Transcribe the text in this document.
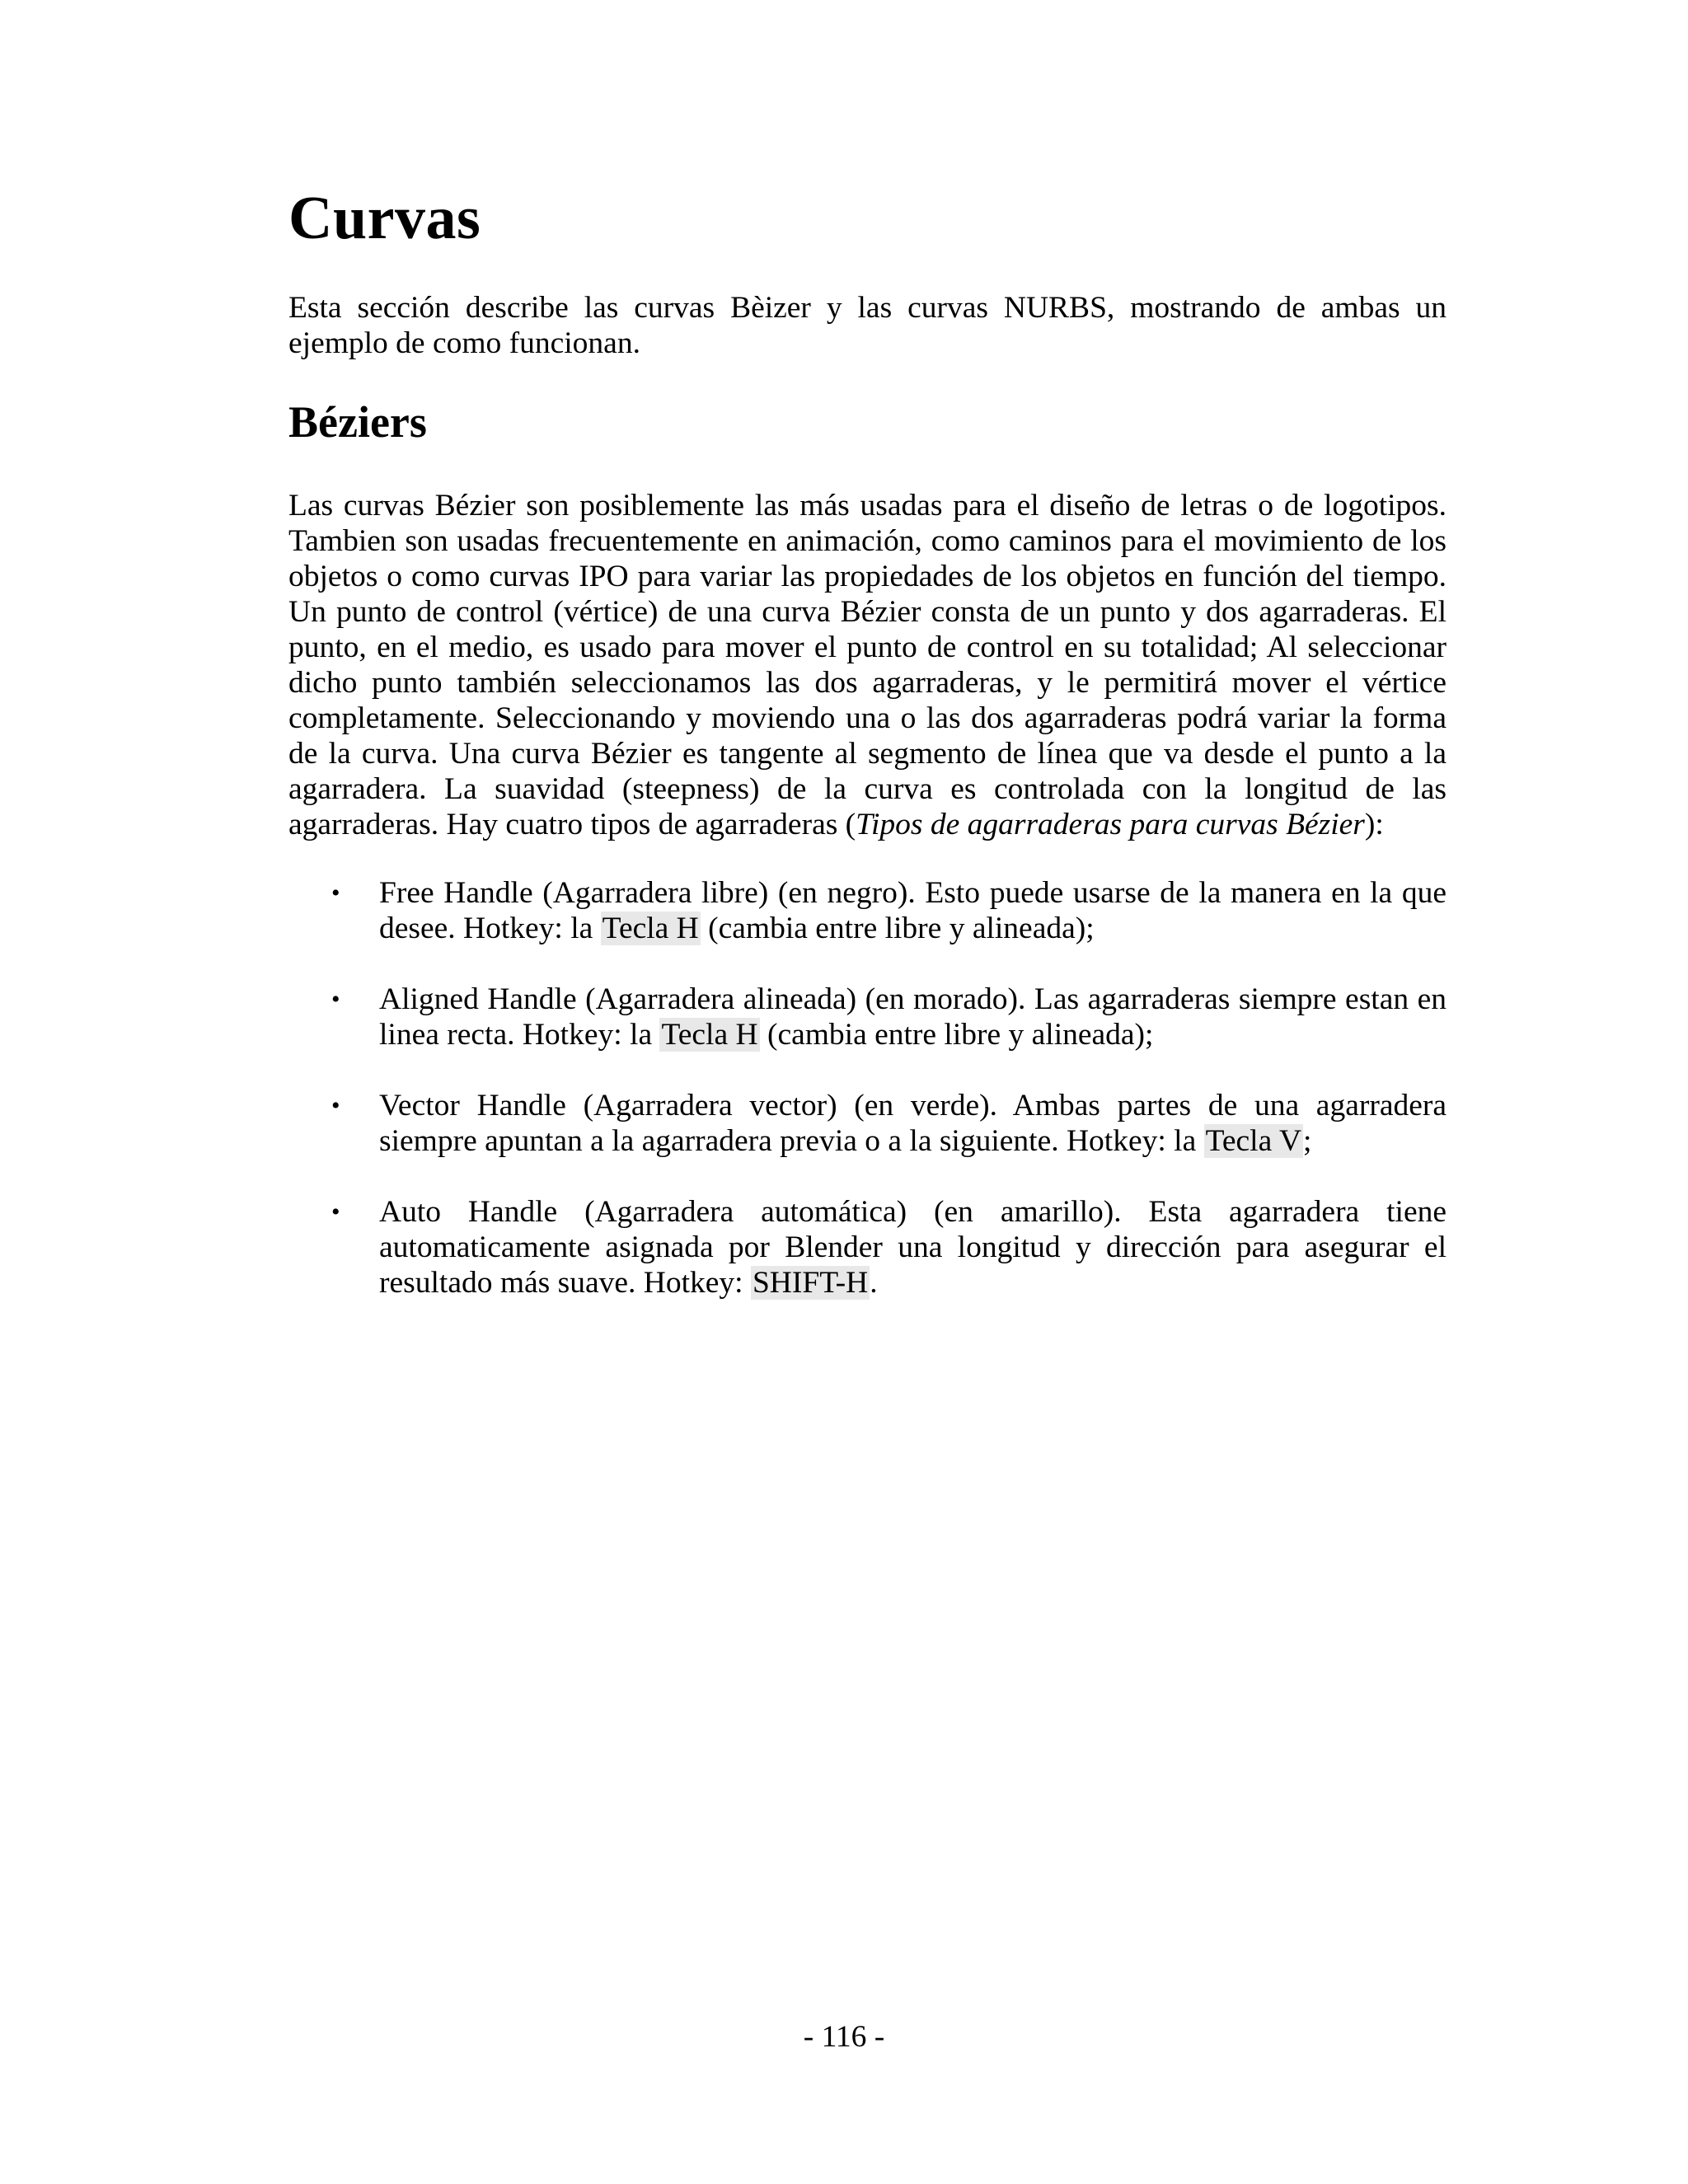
Curvas

Esta sección describe las curvas Bèizer y las curvas NURBS, mostrando de ambas un ejemplo de como funcionan.

Béziers

Las curvas Bézier son posiblemente las más usadas para el diseño de letras o de logotipos. Tambien son usadas frecuentemente en animación, como caminos para el movimiento de los objetos o como curvas IPO para variar las propiedades de los objetos en función del tiempo. Un punto de control (vértice) de una curva Bézier consta de un punto y dos agarraderas. El punto, en el medio, es usado para mover el punto de control en su totalidad; Al seleccionar dicho punto también seleccionamos las dos agarraderas, y le permitirá mover el vértice completamente. Seleccionando y moviendo una o las dos agarraderas podrá variar la forma de la curva. Una curva Bézier es tangente al segmento de línea que va desde el punto a la agarradera. La suavidad (steepness) de la curva es controlada con la longitud de las agarraderas. Hay cuatro tipos de agarraderas (Tipos de agarraderas para curvas Bézier):

• Free Handle (Agarradera libre) (en negro). Esto puede usarse de la manera en la que desee. Hotkey: la Tecla H (cambia entre libre y alineada);
• Aligned Handle (Agarradera alineada) (en morado). Las agarraderas siempre estan en linea recta. Hotkey: la Tecla H (cambia entre libre y alineada);
• Vector Handle (Agarradera vector) (en verde). Ambas partes de una agarradera siempre apuntan a la agarradera previa o a la siguiente. Hotkey: la Tecla V;
• Auto Handle (Agarradera automática) (en amarillo). Esta agarradera tiene automaticamente asignada por Blender una longitud y dirección para asegurar el resultado más suave. Hotkey: SHIFT-H.
- 116 -
